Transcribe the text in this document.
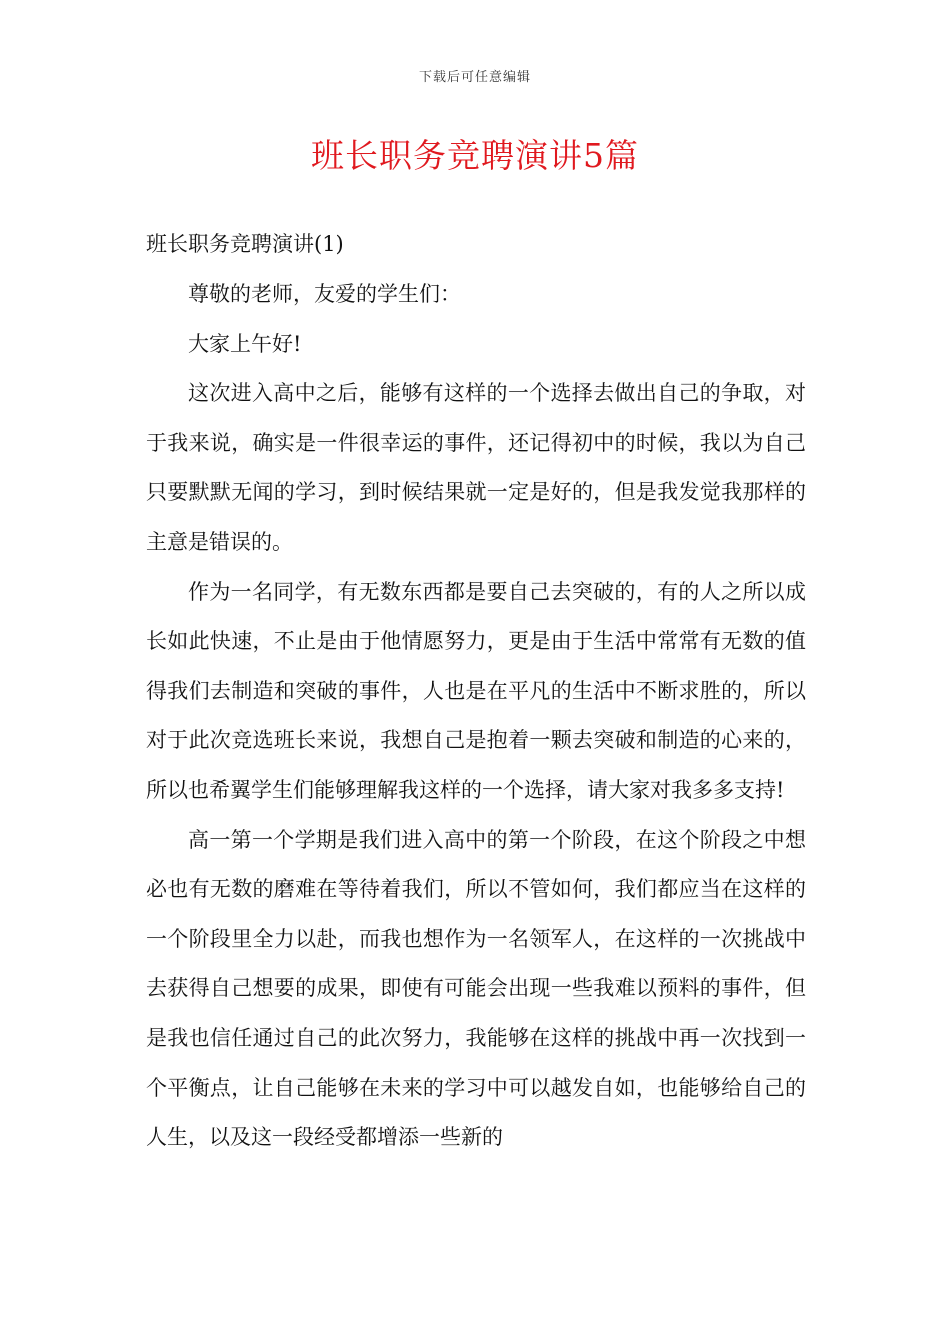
下载后可任意编辑
班长职务竞聘演讲5篇
班长职务竞聘演讲(1)

尊敬的老师，友爱的学生们：

大家上午好!

这次进入高中之后，能够有这样的一个选择去做出自己的争取，对于我来说，确实是一件很幸运的事件，还记得初中的时候，我以为自己只要默默无闻的学习，到时候结果就一定是好的，但是我发觉我那样的主意是错误的。

作为一名同学，有无数东西都是要自己去突破的，有的人之所以成长如此快速，不止是由于他情愿努力，更是由于生活中常常有无数的值得我们去制造和突破的事件，人也是在平凡的生活中不断求胜的，所以对于此次竞选班长来说，我想自己是抱着一颗去突破和制造的心来的，所以也希翼学生们能够理解我这样的一个选择，请大家对我多多支持!

高一第一个学期是我们进入高中的第一个阶段，在这个阶段之中想必也有无数的磨难在等待着我们，所以不管如何，我们都应当在这样的一个阶段里全力以赴，而我也想作为一名领军人，在这样的一次挑战中去获得自己想要的成果，即使有可能会出现一些我难以预料的事件，但是我也信任通过自己的此次努力，我能够在这样的挑战中再一次找到一个平衡点，让自己能够在未来的学习中可以越发自如，也能够给自己的人生，以及这一段经受都增添一些新的
